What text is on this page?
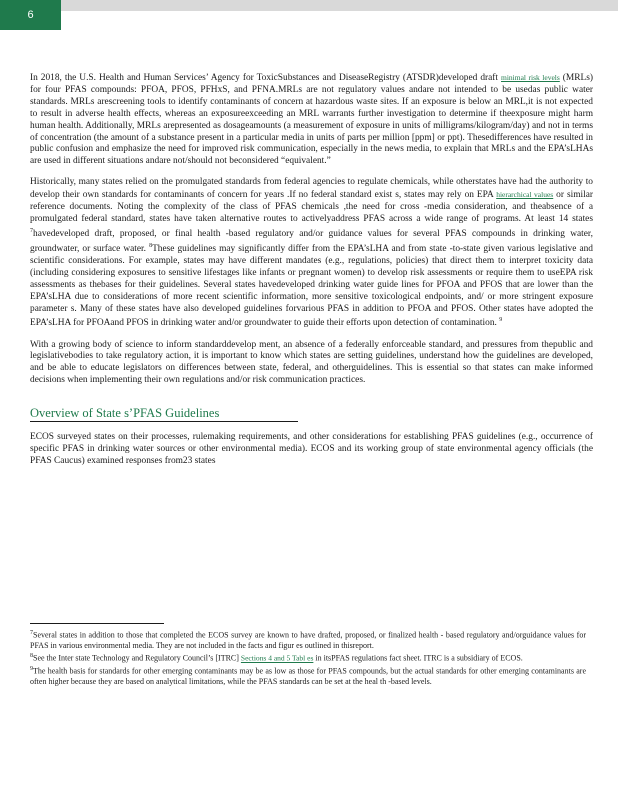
6

In 2018, the U.S. Health and Human Services’ Agency for ToxicSubstances and DiseaseRegistry (ATSDR)developed draft minimal risk levels (MRLs) for four PFAS compounds: PFOA, PFOS, PFHxS, and PFNA.MRLs are not regulatory values andare not intended to be usedas public water standards. MRLs arescreening tools to identify contaminants of concern at hazardous waste sites. If an exposure is below an MRL,it is not expected to result in adverse health effects, whereas an exposureexceeding an MRL warrants further investigation to determine if theexposure might harm human health. Additionally, MRLs arepresented as dosageamounts (a measurement of exposure in units of milligrams/kilogram/day) and not in terms of concentration (the amount of a substance present in a particular media in units of parts per million [ppm] or ppt). Thesedifferences have resulted in public confusion and emphasize the need for improved risk communication, especially in the news media, to explain that MRLs and the EPA’sLHAs are used in different situations andare not/should not beconsidered “equivalent.”

Historically, many states relied on the promulgated standards from federal agencies to regulate chemicals, while otherstates have had the authority to develop their own standards for contaminants of concern for years .If no federal standard exist s, states may rely on EPA hierarchical values or similar reference documents. Noting the complexity of the class of PFAS chemicals ,the need for cross -media consideration, and theabsence of a promulgated federal standard, states have taken alternative routes to activelyaddress PFAS across a wide range of programs. At least 14 states $^7$havedeveloped draft, proposed, or final health -based regulatory and/or guidance values for several PFAS compounds in drinking water, groundwater, or surface water. $^8$These guidelines may significantly differ from the EPA’sLHA and from state -to-state given various legislative and scientific considerations. For example, states may have different mandates (e.g., regulations, policies) that direct them to interpret toxicity data (including considering exposures to sensitive lifestages like infants or pregnant women) to develop risk assessments or require them to useEPA risk assessments as thebases for their guidelines. Several states havedeveloped drinking water guide lines for PFOA and PFOS that are lower than the EPA’sLHA due to considerations of more recent scientific information, more sensitive toxicological endpoints, and/ or more stringent exposure parameter s. Many of these states have also developed guidelines forvarious PFAS in addition to PFOA and PFOS. Other states have adopted the EPA’sLHA for PFOAand PFOS in drinking water and/or groundwater to guide their efforts upon detection of contamination. $^9$

With a growing body of science to inform standarddevelop ment, an absence of a federally enforceable standard, and pressures from thepublic and legislativebodies to take regulatory action, it is important to know which states are setting guidelines, understand how the guidelines are developed, and be able to educate legislators on differences between state, federal, and otherguidelines. This is essential so that states can make informed decisions when implementing their own regulations and/or risk communication practices.

Overview of State s’PFAS Guidelines

ECOS surveyed states on their processes, rulemaking requirements, and other considerations for establishing PFAS guidelines (e.g., occurrence of specific PFAS in drinking water sources or other environmental media). ECOS and its working group of state environmental agency officials (the PFAS Caucus) examined responses from23 states

$^7$Several states in addition to those that completed the ECOS survey are known to have drafted, proposed, or finalized health - based regulatory and/orguidance values for PFAS in various environmental media. They are not included in the facts and figur es outlined in thisreport.

$^8$See the Inter state Technology and Regulatory Council’s [ITRC] Sections 4 and 5 Tabl es in itsPFAS regulations fact sheet. ITRC is a subsidiary of ECOS.

$^9$The health basis for standards for other emerging contaminants may be as low as those for PFAS compounds, but the actual standards for other emerging contaminants are often higher because they are based on analytical limitations, while the PFAS standards can be set at the heal th -based levels.
